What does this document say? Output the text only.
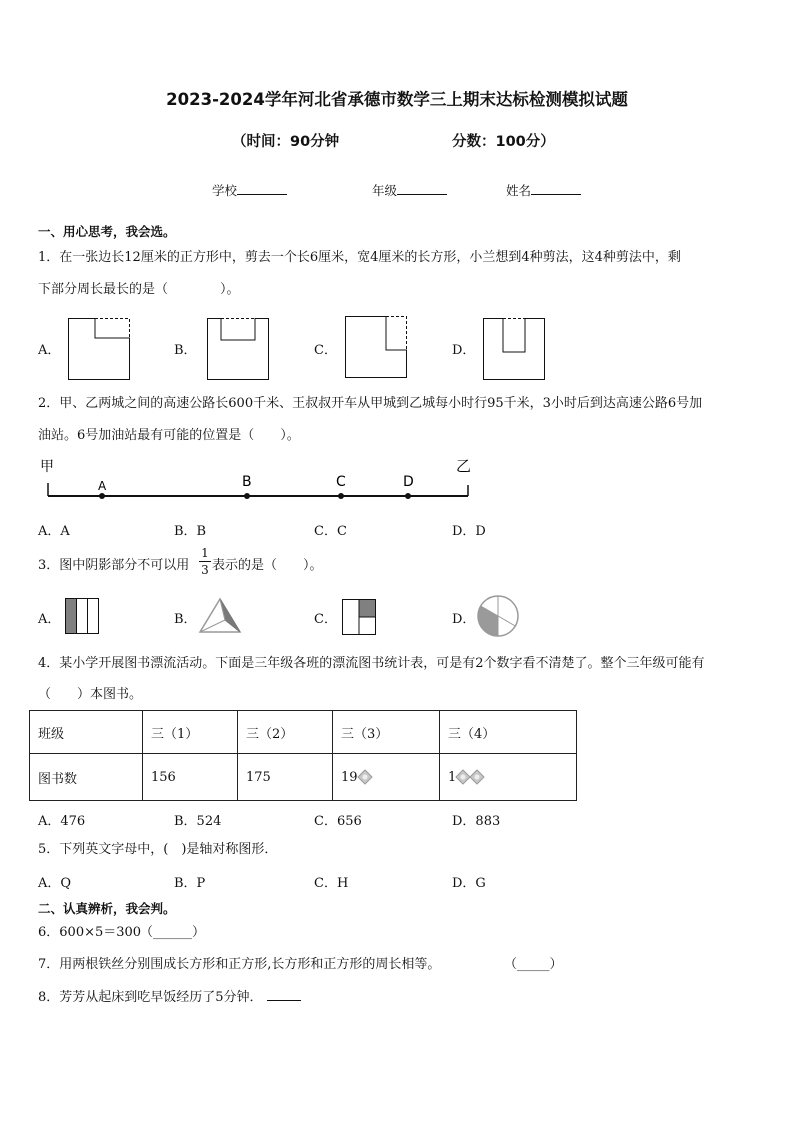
2023-2024学年河北省承德市数学三上期末达标检测模拟试题
（时间：90分钟	分数：100分）
学校	年级	姓名
一、用心思考，我会选。
1．在一张边长12厘米的正方形中，剪去一个长6厘米，宽4厘米的长方形，小兰想到4种剪法，这4种剪法中，剩
下部分周长最长的是（　　　　）。
A．	B．	C．	D．
2．甲、乙两城之间的高速公路长600千米、王叔叔开车从甲城到乙城每小时行95千米，3小时后到达高速公路6号加
油站。6号加油站最有可能的位置是（　　）。
甲	乙
A	B	C	D
A．A	B．B	C．C	D．D
3．图中阴影部分不可以用
1
3 表示的是（　　）。
A．	B．	C．	D．
4．某小学开展图书漂流活动。下面是三年级各班的漂流图书统计表，可是有2个数字看不清楚了。整个三年级可能有
（　　）本图书。
班级	三（1）	三（2）	三（3）	三（4）
图书数	156	175	19	1
A．476	B．524	C．656	D．883
5．下列英文字母中，(　)是轴对称图形．
A．Q	B．P	C．H	D．G
二、认真辨析，我会判。
6．600×5＝300
（______）
7．用两根铁丝分别围成长方形和正方形,长方形和正方形的周长相等。	（_____）
8．芳芳从起床到吃早饭经历了5分钟．
